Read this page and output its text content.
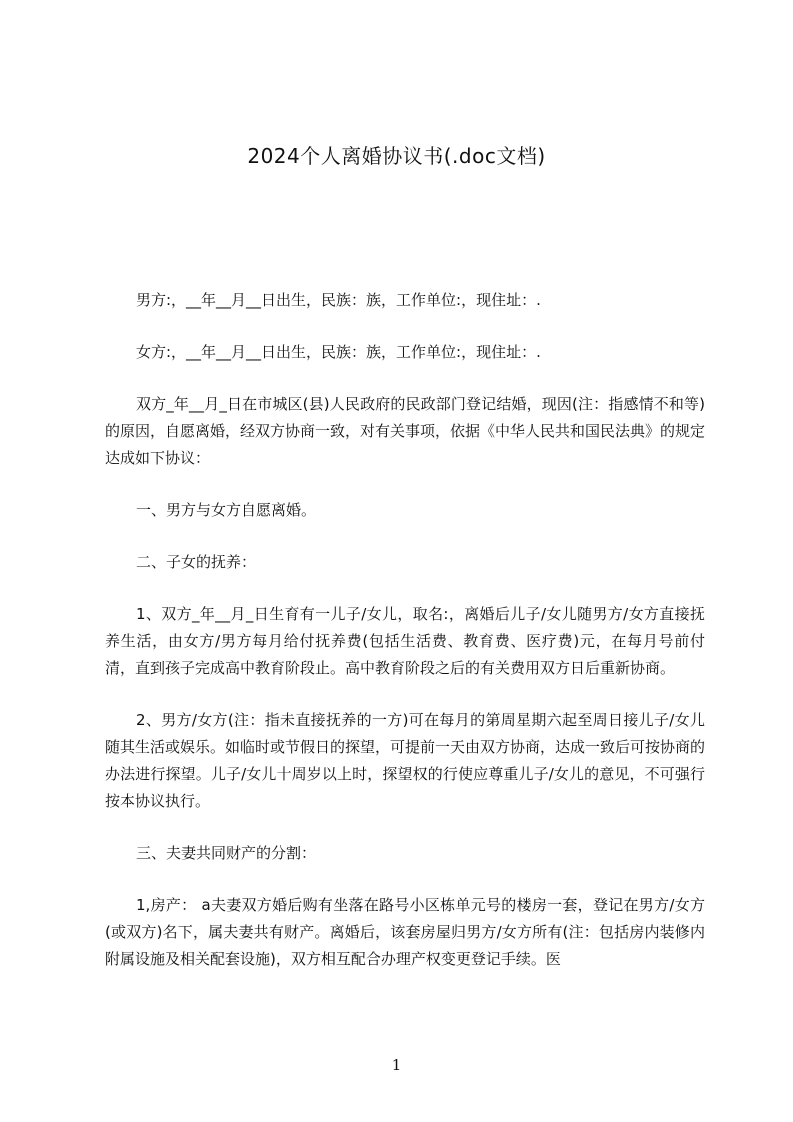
2024个人离婚协议书(.doc文档)

男方:，__年__月__日出生，民族：族，工作单位:，现住址：.

女方:，__年__月__日出生，民族：族，工作单位:，现住址：.

双方_年__月_日在市城区(县)人民政府的民政部门登记结婚，现因(注：指感情不和等)的原因，自愿离婚，经双方协商一致，对有关事项，依据《中华人民共和国民法典》的规定达成如下协议：

一、男方与女方自愿离婚。

二、子女的抚养：

1、双方_年__月_日生育有一儿子/女儿，取名:，离婚后儿子/女儿随男方/女方直接抚养生活，由女方/男方每月给付抚养费(包括生活费、教育费、医疗费)元，在每月号前付清，直到孩子完成高中教育阶段止。高中教育阶段之后的有关费用双方日后重新协商。

2、男方/女方(注：指未直接抚养的一方)可在每月的第周星期六起至周日接儿子/女儿随其生活或娱乐。如临时或节假日的探望，可提前一天由双方协商，达成一致后可按协商的办法进行探望。儿子/女儿十周岁以上时，探望权的行使应尊重儿子/女儿的意见，不可强行按本协议执行。

三、夫妻共同财产的分割：

1,房产： a夫妻双方婚后购有坐落在路号小区栋单元号的楼房一套，登记在男方/女方(或双方)名下，属夫妻共有财产。离婚后，该套房屋归男方/女方所有(注：包括房内装修内附属设施及相关配套设施)，双方相互配合办理产权变更登记手续。医

1
